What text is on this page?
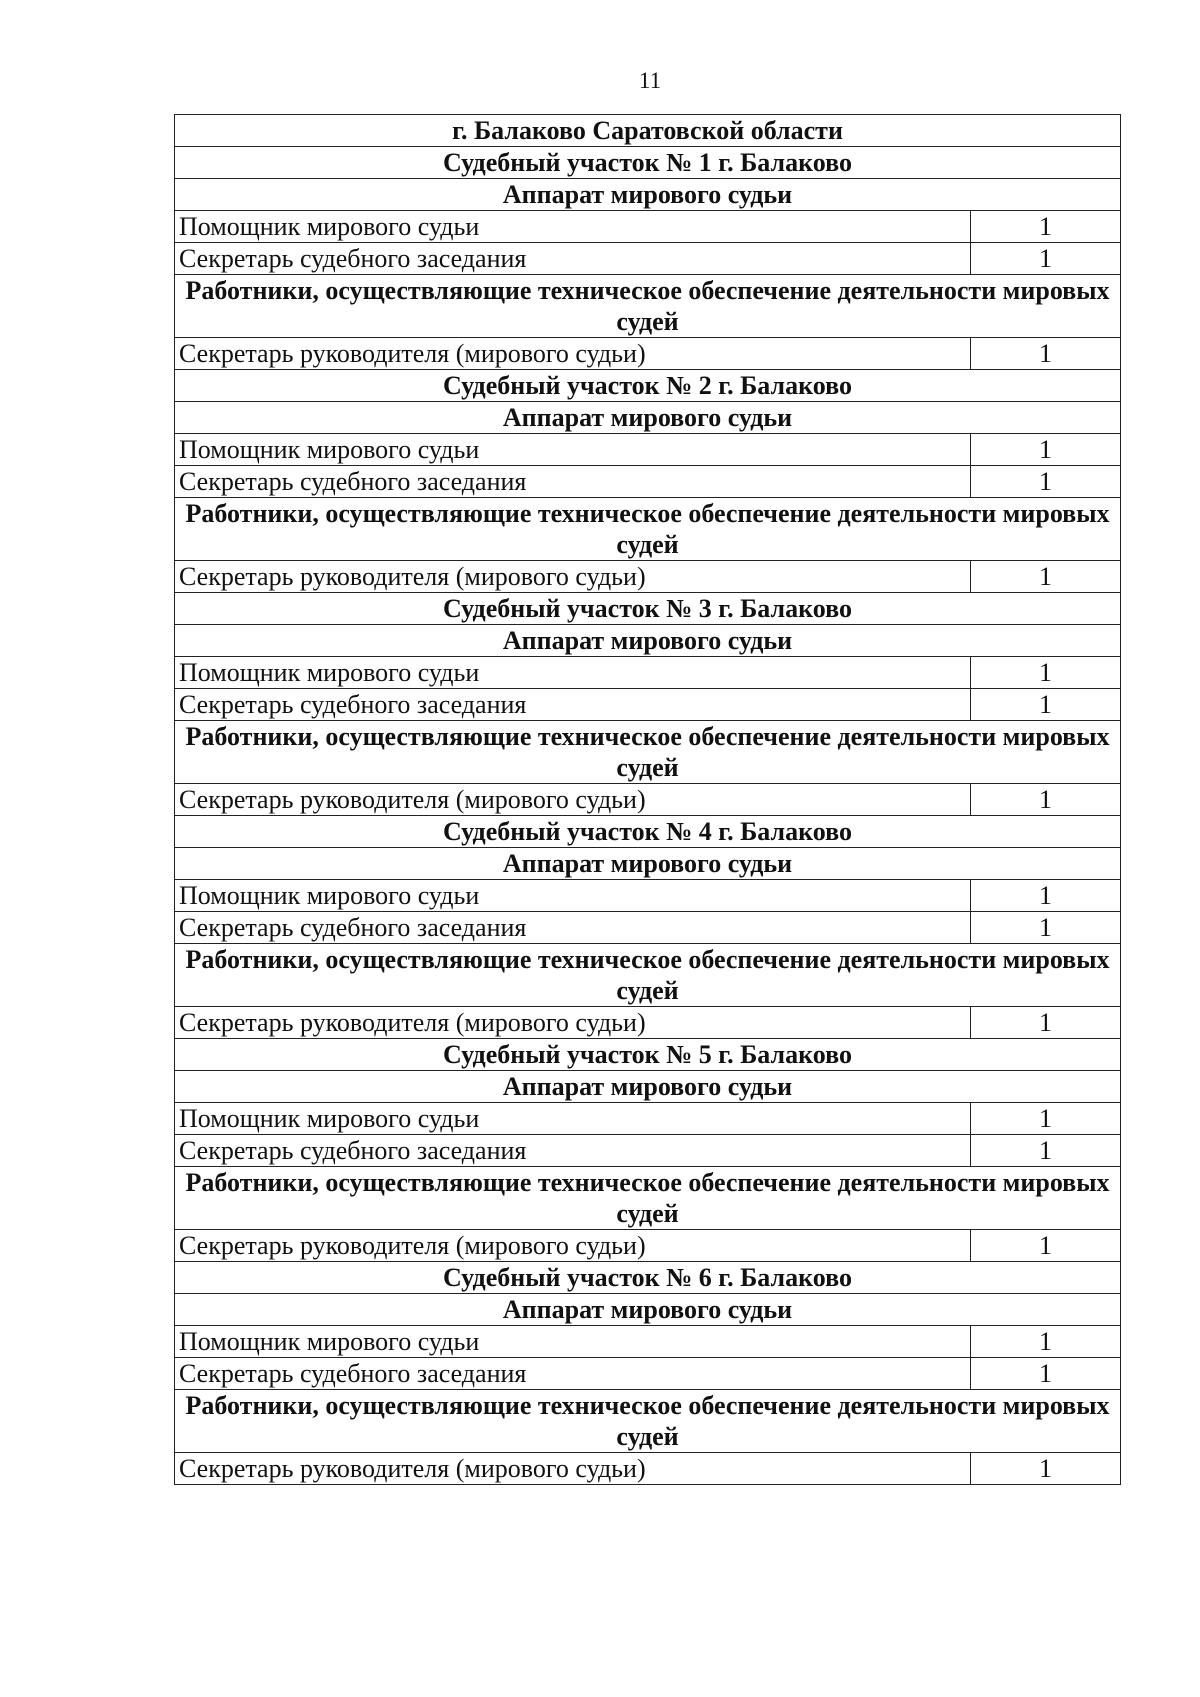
11
г. Балаково Саратовской области	
Судебный участок № 1 г. Балаково	
Аппарат мирового судьи	
Помощник мирового судьи	1
Секретарь судебного заседания	1
Работники, осуществляющие техническое обеспечение деятельности мировых судей	
Секретарь руководителя (мирового судьи)	1
Судебный участок № 2 г. Балаково	
Аппарат мирового судьи	
Помощник мирового судьи	1
Секретарь судебного заседания	1
Работники, осуществляющие техническое обеспечение деятельности мировых судей	
Секретарь руководителя (мирового судьи)	1
Судебный участок № 3 г. Балаково	
Аппарат мирового судьи	
Помощник мирового судьи	1
Секретарь судебного заседания	1
Работники, осуществляющие техническое обеспечение деятельности мировых судей	
Секретарь руководителя (мирового судьи)	1
Судебный участок № 4 г. Балаково	
Аппарат мирового судьи	
Помощник мирового судьи	1
Секретарь судебного заседания	1
Работники, осуществляющие техническое обеспечение деятельности мировых судей	
Секретарь руководителя (мирового судьи)	1
Судебный участок № 5 г. Балаково	
Аппарат мирового судьи	
Помощник мирового судьи	1
Секретарь судебного заседания	1
Работники, осуществляющие техническое обеспечение деятельности мировых судей	
Секретарь руководителя (мирового судьи)	1
Судебный участок № 6 г. Балаково	
Аппарат мирового судьи	
Помощник мирового судьи	1
Секретарь судебного заседания	1
Работники, осуществляющие техническое обеспечение деятельности мировых судей	
Секретарь руководителя (мирового судьи)	1
